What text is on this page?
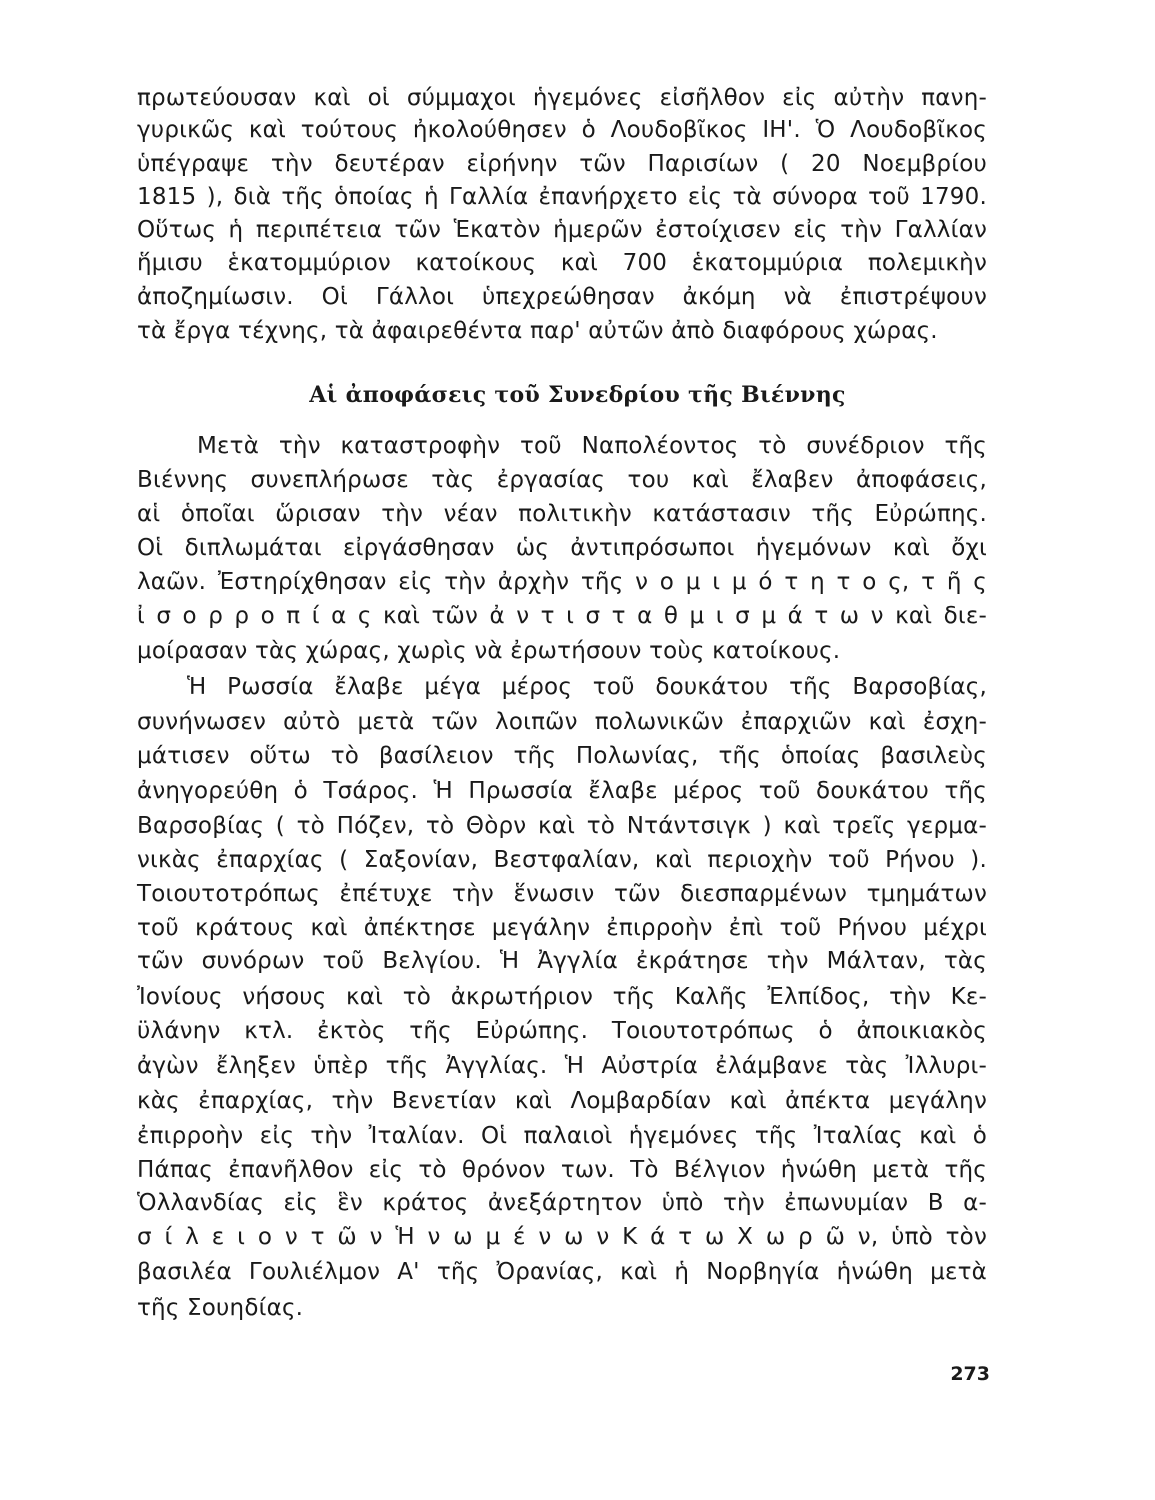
πρωτεύουσαν καὶ οἱ σύμμαχοι ἡγεμόνες εἰσῆλθον εἰς αὐτὴν πανη-
γυρικῶς καὶ τούτους ἠκολούθησεν ὁ Λουδοβῖκος ΙΗ'. Ὁ Λουδοβῖκος
ὑπέγραψε τὴν δευτέραν εἰρήνην τῶν Παρισίων ( 20 Νοεμβρίου
1815 ), διὰ τῆς ὁποίας ἡ Γαλλία ἐπανήρχετο εἰς τὰ σύνορα τοῦ 1790.
Οὕτως ἡ περιπέτεια τῶν Ἑκατὸν ἡμερῶν ἐστοίχισεν εἰς τὴν Γαλλίαν
ἥμισυ ἑκατομμύριον κατοίκους καὶ 700 ἑκατομμύρια πολεμικὴν
ἀποζημίωσιν. Οἱ Γάλλοι ὑπεχρεώθησαν ἀκόμη νὰ ἐπιστρέψουν
τὰ ἔργα τέχνης, τὰ ἀφαιρεθέντα παρ' αὐτῶν ἀπὸ διαφόρους χώρας.
Αἱ ἀποφάσεις τοῦ Συνεδρίου τῆς Βιέννης
Μετὰ τὴν καταστροφὴν τοῦ Ναπολέοντος τὸ συνέδριον τῆς
Βιέννης συνεπλήρωσε τὰς ἐργασίας του καὶ ἔλαβεν ἀποφάσεις,
αἱ ὁποῖαι ὥρισαν τὴν νέαν πολιτικὴν κατάστασιν τῆς Εὐρώπης.
Οἱ διπλωμάται εἰργάσθησαν ὡς ἀντιπρόσωποι ἡγεμόνων καὶ ὄχι
λαῶν. Ἐστηρίχθησαν εἰς τὴν ἀρχὴν τῆς ν ο μ ι μ ό τ η τ ο ς, τ ῆ ς
ἰ σ ο ρ ρ ο π ί α ς καὶ τῶν ἀ ν τ ι σ τ α θ μ ι σ μ ά τ ω ν καὶ διε-
μοίρασαν τὰς χώρας, χωρὶς νὰ ἐρωτήσουν τοὺς κατοίκους.
Ἡ Ρωσσία ἔλαβε μέγα μέρος τοῦ δουκάτου τῆς Βαρσοβίας,
συνήνωσεν αὐτὸ μετὰ τῶν λοιπῶν πολωνικῶν ἐπαρχιῶν καὶ ἐσχη-
μάτισεν οὕτω τὸ βασίλειον τῆς Πολωνίας, τῆς ὁποίας βασιλεὺς
ἀνηγορεύθη ὁ Τσάρος. Ἡ Πρωσσία ἔλαβε μέρος τοῦ δουκάτου τῆς
Βαρσοβίας ( τὸ Πόζεν, τὸ Θὸρν καὶ τὸ Ντάντσιγκ ) καὶ τρεῖς γερμα-
νικὰς ἐπαρχίας ( Σαξονίαν, Βεστφαλίαν, καὶ περιοχὴν τοῦ Ρήνου ).
Τοιουτοτρόπως ἐπέτυχε τὴν ἕνωσιν τῶν διεσπαρμένων τμημάτων
τοῦ κράτους καὶ ἀπέκτησε μεγάλην ἐπιρροὴν ἐπὶ τοῦ Ρήνου μέχρι
τῶν συνόρων τοῦ Βελγίου. Ἡ Ἀγγλία ἐκράτησε τὴν Μάλταν, τὰς
Ἰονίους νήσους καὶ τὸ ἀκρωτήριον τῆς Καλῆς Ἐλπίδος, τὴν Κε-
ϋλάνην κτλ. ἐκτὸς τῆς Εὐρώπης. Τοιουτοτρόπως ὁ ἀποικιακὸς
ἀγὼν ἔληξεν ὑπὲρ τῆς Ἀγγλίας. Ἡ Αὐστρία ἐλάμβανε τὰς Ἰλλυρι-
κὰς ἐπαρχίας, τὴν Βενετίαν καὶ Λομβαρδίαν καὶ ἀπέκτα μεγάλην
ἐπιρροὴν εἰς τὴν Ἰταλίαν. Οἱ παλαιοὶ ἡγεμόνες τῆς Ἰταλίας καὶ ὁ
Πάπας ἐπανῆλθον εἰς τὸ θρόνον των. Τὸ Βέλγιον ἡνώθη μετὰ τῆς
Ὁλλανδίας εἰς ἓν κράτος ἀνεξάρτητον ὑπὸ τὴν ἐπωνυμίαν Β α-
σ ί λ ε ι ο ν τ ῶ ν Ἡ ν ω μ έ ν ω ν Κ ά τ ω Χ ω ρ ῶ ν, ὑπὸ τὸν
βασιλέα Γουλιέλμον Α' τῆς Ὀρανίας, καὶ ἡ Νορβηγία ἡνώθη μετὰ
τῆς Σουηδίας.
273
